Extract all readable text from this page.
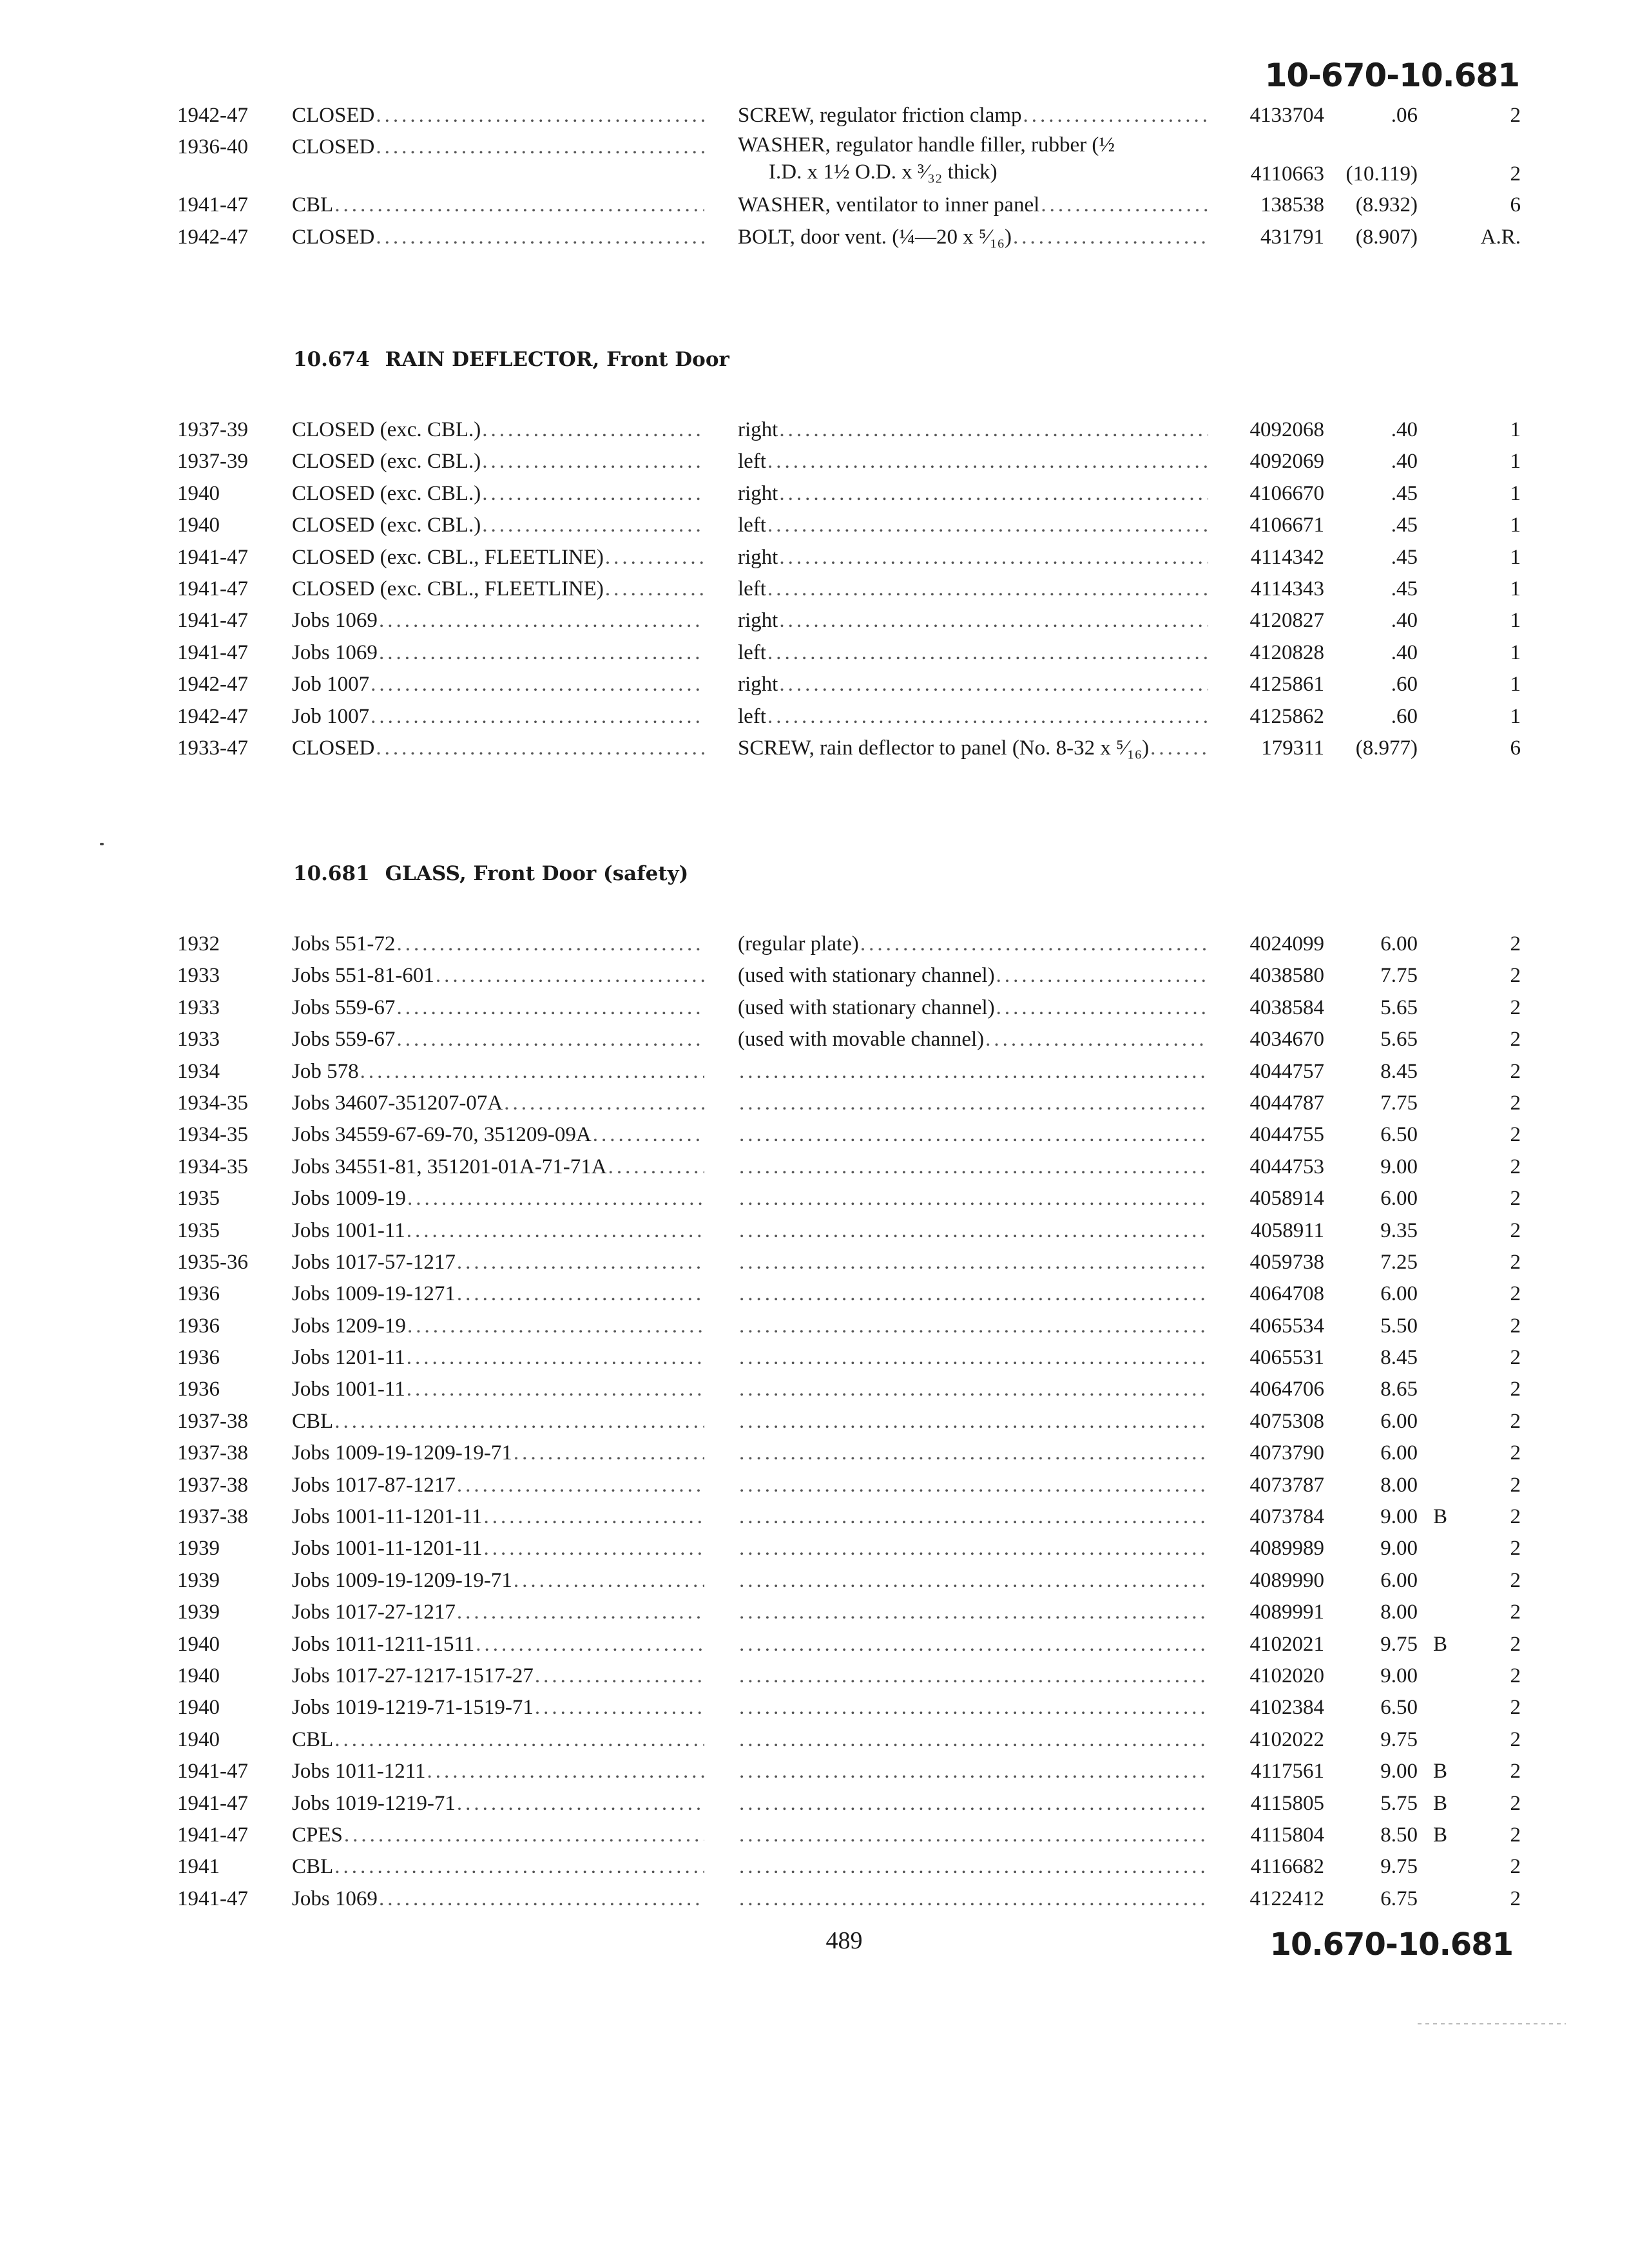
10-670-10.681
1942-47	CLOSED .....	SCREW, regulator friction clamp .....	4133704	.06	2
1936-40	CLOSED .....	WASHER, regulator handle filler, rubber (½
I.D. x 1½ O.D. x ³⁄₃₂ thick)	4110663	(10.119)	2
1941-47	CBL .....	WASHER, ventilator to inner panel .....	138538	(8.932)	6
1942-47	CLOSED .....	BOLT, door vent. (¼—20 x ⁵⁄₁₆) .....	431791	(8.907)	A.R.
10.674 RAIN DEFLECTOR, Front Door
1937-39	CLOSED (exc. CBL.) .....	right .....	4092068	.40	1
1937-39	CLOSED (exc. CBL.) .....	left .....	4092069	.40	1
1940	CLOSED (exc. CBL.) .....	right .....	4106670	.45	1
1940	CLOSED (exc. CBL.) .....	left .....	4106671	.45	1
1941-47	CLOSED (exc. CBL., FLEETLINE) .....	right .....	4114342	.45	1
1941-47	CLOSED (exc. CBL., FLEETLINE) .....	left .....	4114343	.45	1
1941-47	Jobs 1069 .....	right .....	4120827	.40	1
1941-47	Jobs 1069 .....	left .....	4120828	.40	1
1942-47	Job 1007 .....	right .....	4125861	.60	1
1942-47	Job 1007 .....	left .....	4125862	.60	1
1933-47	CLOSED .....	SCREW, rain deflector to panel (No. 8-32 x ⁵⁄₁₆) .....	179311	(8.977)	6
10.681 GLASS, Front Door (safety)
1932	Jobs 551-72 .....	(regular plate) .....	4024099	6.00	2
1933	Jobs 551-81-601 .....	(used with stationary channel) .....	4038580	7.75	2
1933	Jobs 559-67 .....	(used with stationary channel) .....	4038584	5.65	2
1933	Jobs 559-67 .....	(used with movable channel) .....	4034670	5.65	2
1934	Job 578 ..... .....	4044757	8.45	2
1934-35	Jobs 34607-351207-07A ..... .....	4044787	7.75	2
1934-35	Jobs 34559-67-69-70, 351209-09A ..... .....	4044755	6.50	2
1934-35	Jobs 34551-81, 351201-01A-71-71A ..... .....	4044753	9.00	2
1935	Jobs 1009-19 ..... .....	4058914	6.00	2
1935	Jobs 1001-11 ..... .....	4058911	9.35	2
1935-36	Jobs 1017-57-1217 ..... .....	4059738	7.25	2
1936	Jobs 1009-19-1271 ..... .....	4064708	6.00	2
1936	Jobs 1209-19 ..... .....	4065534	5.50	2
1936	Jobs 1201-11 ..... .....	4065531	8.45	2
1936	Jobs 1001-11 ..... .....	4064706	8.65	2
1937-38	CBL ..... .....	4075308	6.00	2
1937-38	Jobs 1009-19-1209-19-71 ..... .....	4073790	6.00	2
1937-38	Jobs 1017-87-1217 ..... .....	4073787	8.00	2
1937-38	Jobs 1001-11-1201-11 ..... .....	4073784	9.00 B	2
1939	Jobs 1001-11-1201-11 ..... .....	4089989	9.00	2
1939	Jobs 1009-19-1209-19-71 ..... .....	4089990	6.00	2
1939	Jobs 1017-27-1217 ..... .....	4089991	8.00	2
1940	Jobs 1011-1211-1511 ..... .....	4102021	9.75 B	2
1940	Jobs 1017-27-1217-1517-27 ..... .....	4102020	9.00	2
1940	Jobs 1019-1219-71-1519-71 ..... .....	4102384	6.50	2
1940	CBL ..... .....	4102022	9.75	2
1941-47	Jobs 1011-1211 ..... .....	4117561	9.00 B	2
1941-47	Jobs 1019-1219-71 ..... .....	4115805	5.75 B	2
1941-47	CPES ..... .....	4115804	8.50 B	2
1941	CBL ..... .....	4116682	9.75	2
1941-47	Jobs 1069 ..... .....	4122412	6.75	2
489	10.670-10.681
